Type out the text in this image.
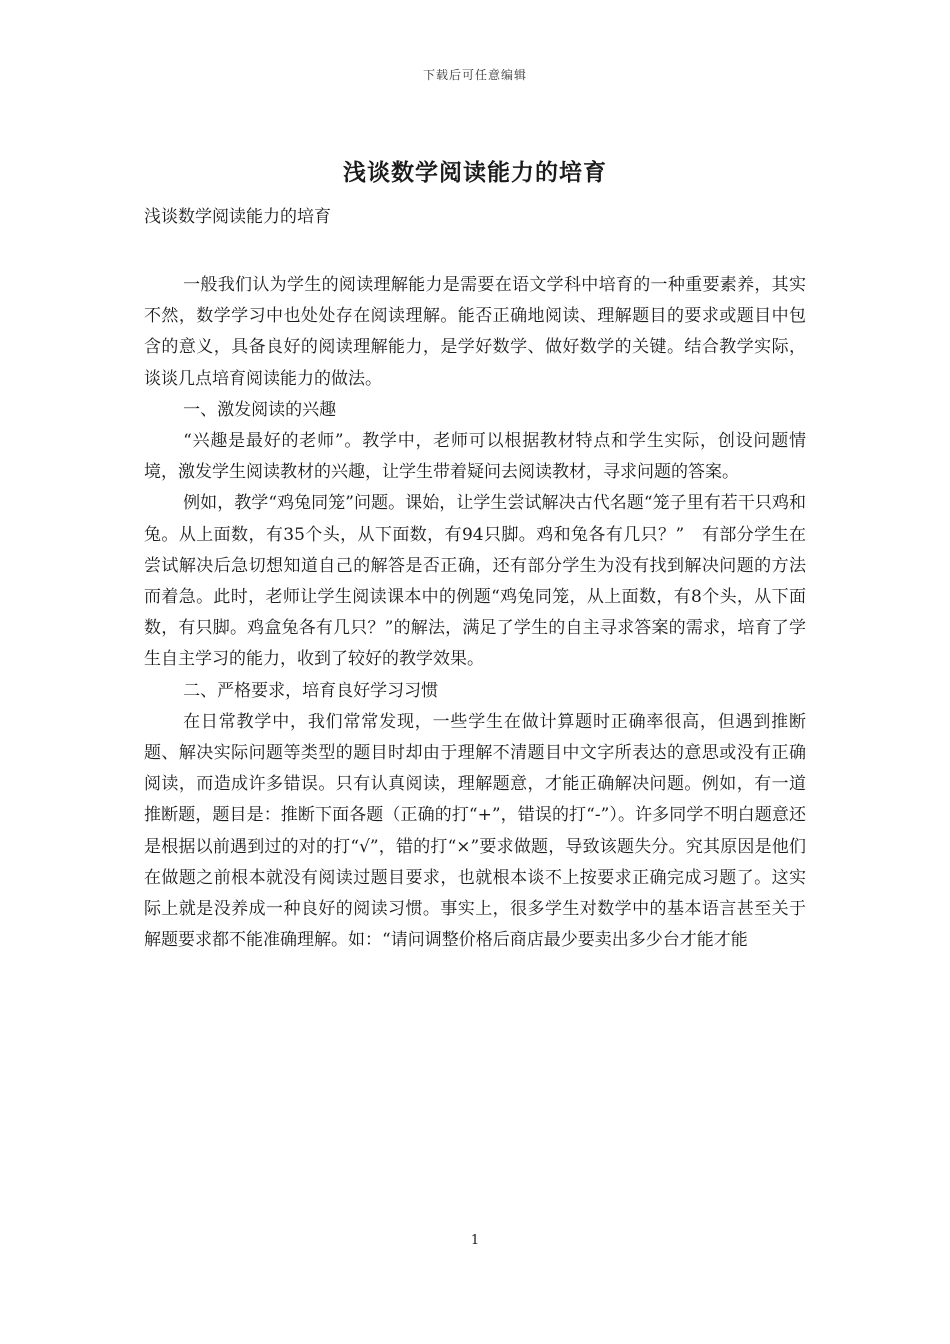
下载后可任意编辑
浅谈数学阅读能力的培育
浅谈数学阅读能力的培育

一般我们认为学生的阅读理解能力是需要在语文学科中培育的一种重要素养，其实不然，数学学习中也处处存在阅读理解。能否正确地阅读、理解题目的要求或题目中包含的意义，具备良好的阅读理解能力，是学好数学、做好数学的关键。结合教学实际，谈谈几点培育阅读能力的做法。

一、激发阅读的兴趣

“兴趣是最好的老师”。教学中，老师可以根据教材特点和学生实际，创设问题情境，激发学生阅读教材的兴趣，让学生带着疑问去阅读教材，寻求问题的答案。

例如，教学“鸡兔同笼”问题。课始，让学生尝试解决古代名题“笼子里有若干只鸡和兔。从上面数，有35个头，从下面数，有94只脚。鸡和兔各有几只？”　有部分学生在尝试解决后急切想知道自己的解答是否正确，还有部分学生为没有找到解决问题的方法而着急。此时，老师让学生阅读课本中的例题“鸡兔同笼，从上面数，有8个头，从下面数，有只脚。鸡盒兔各有几只？”的解法，满足了学生的自主寻求答案的需求，培育了学生自主学习的能力，收到了较好的教学效果。

二、严格要求，培育良好学习习惯

在日常教学中，我们常常发现，一些学生在做计算题时正确率很高，但遇到推断题、解决实际问题等类型的题目时却由于理解不清题目中文字所表达的意思或没有正确阅读，而造成许多错误。只有认真阅读，理解题意，才能正确解决问题。例如，有一道推断题，题目是：推断下面各题（正确的打“+”，错误的打“-”）。许多同学不明白题意还是根据以前遇到过的对的打“√”，错的打“×”要求做题，导致该题失分。究其原因是他们在做题之前根本就没有阅读过题目要求，也就根本谈不上按要求正确完成习题了。这实际上就是没养成一种良好的阅读习惯。事实上，很多学生对数学中的基本语言甚至关于解题要求都不能准确理解。如：“请问调整价格后商店最少要卖出多少台才能才能

1
